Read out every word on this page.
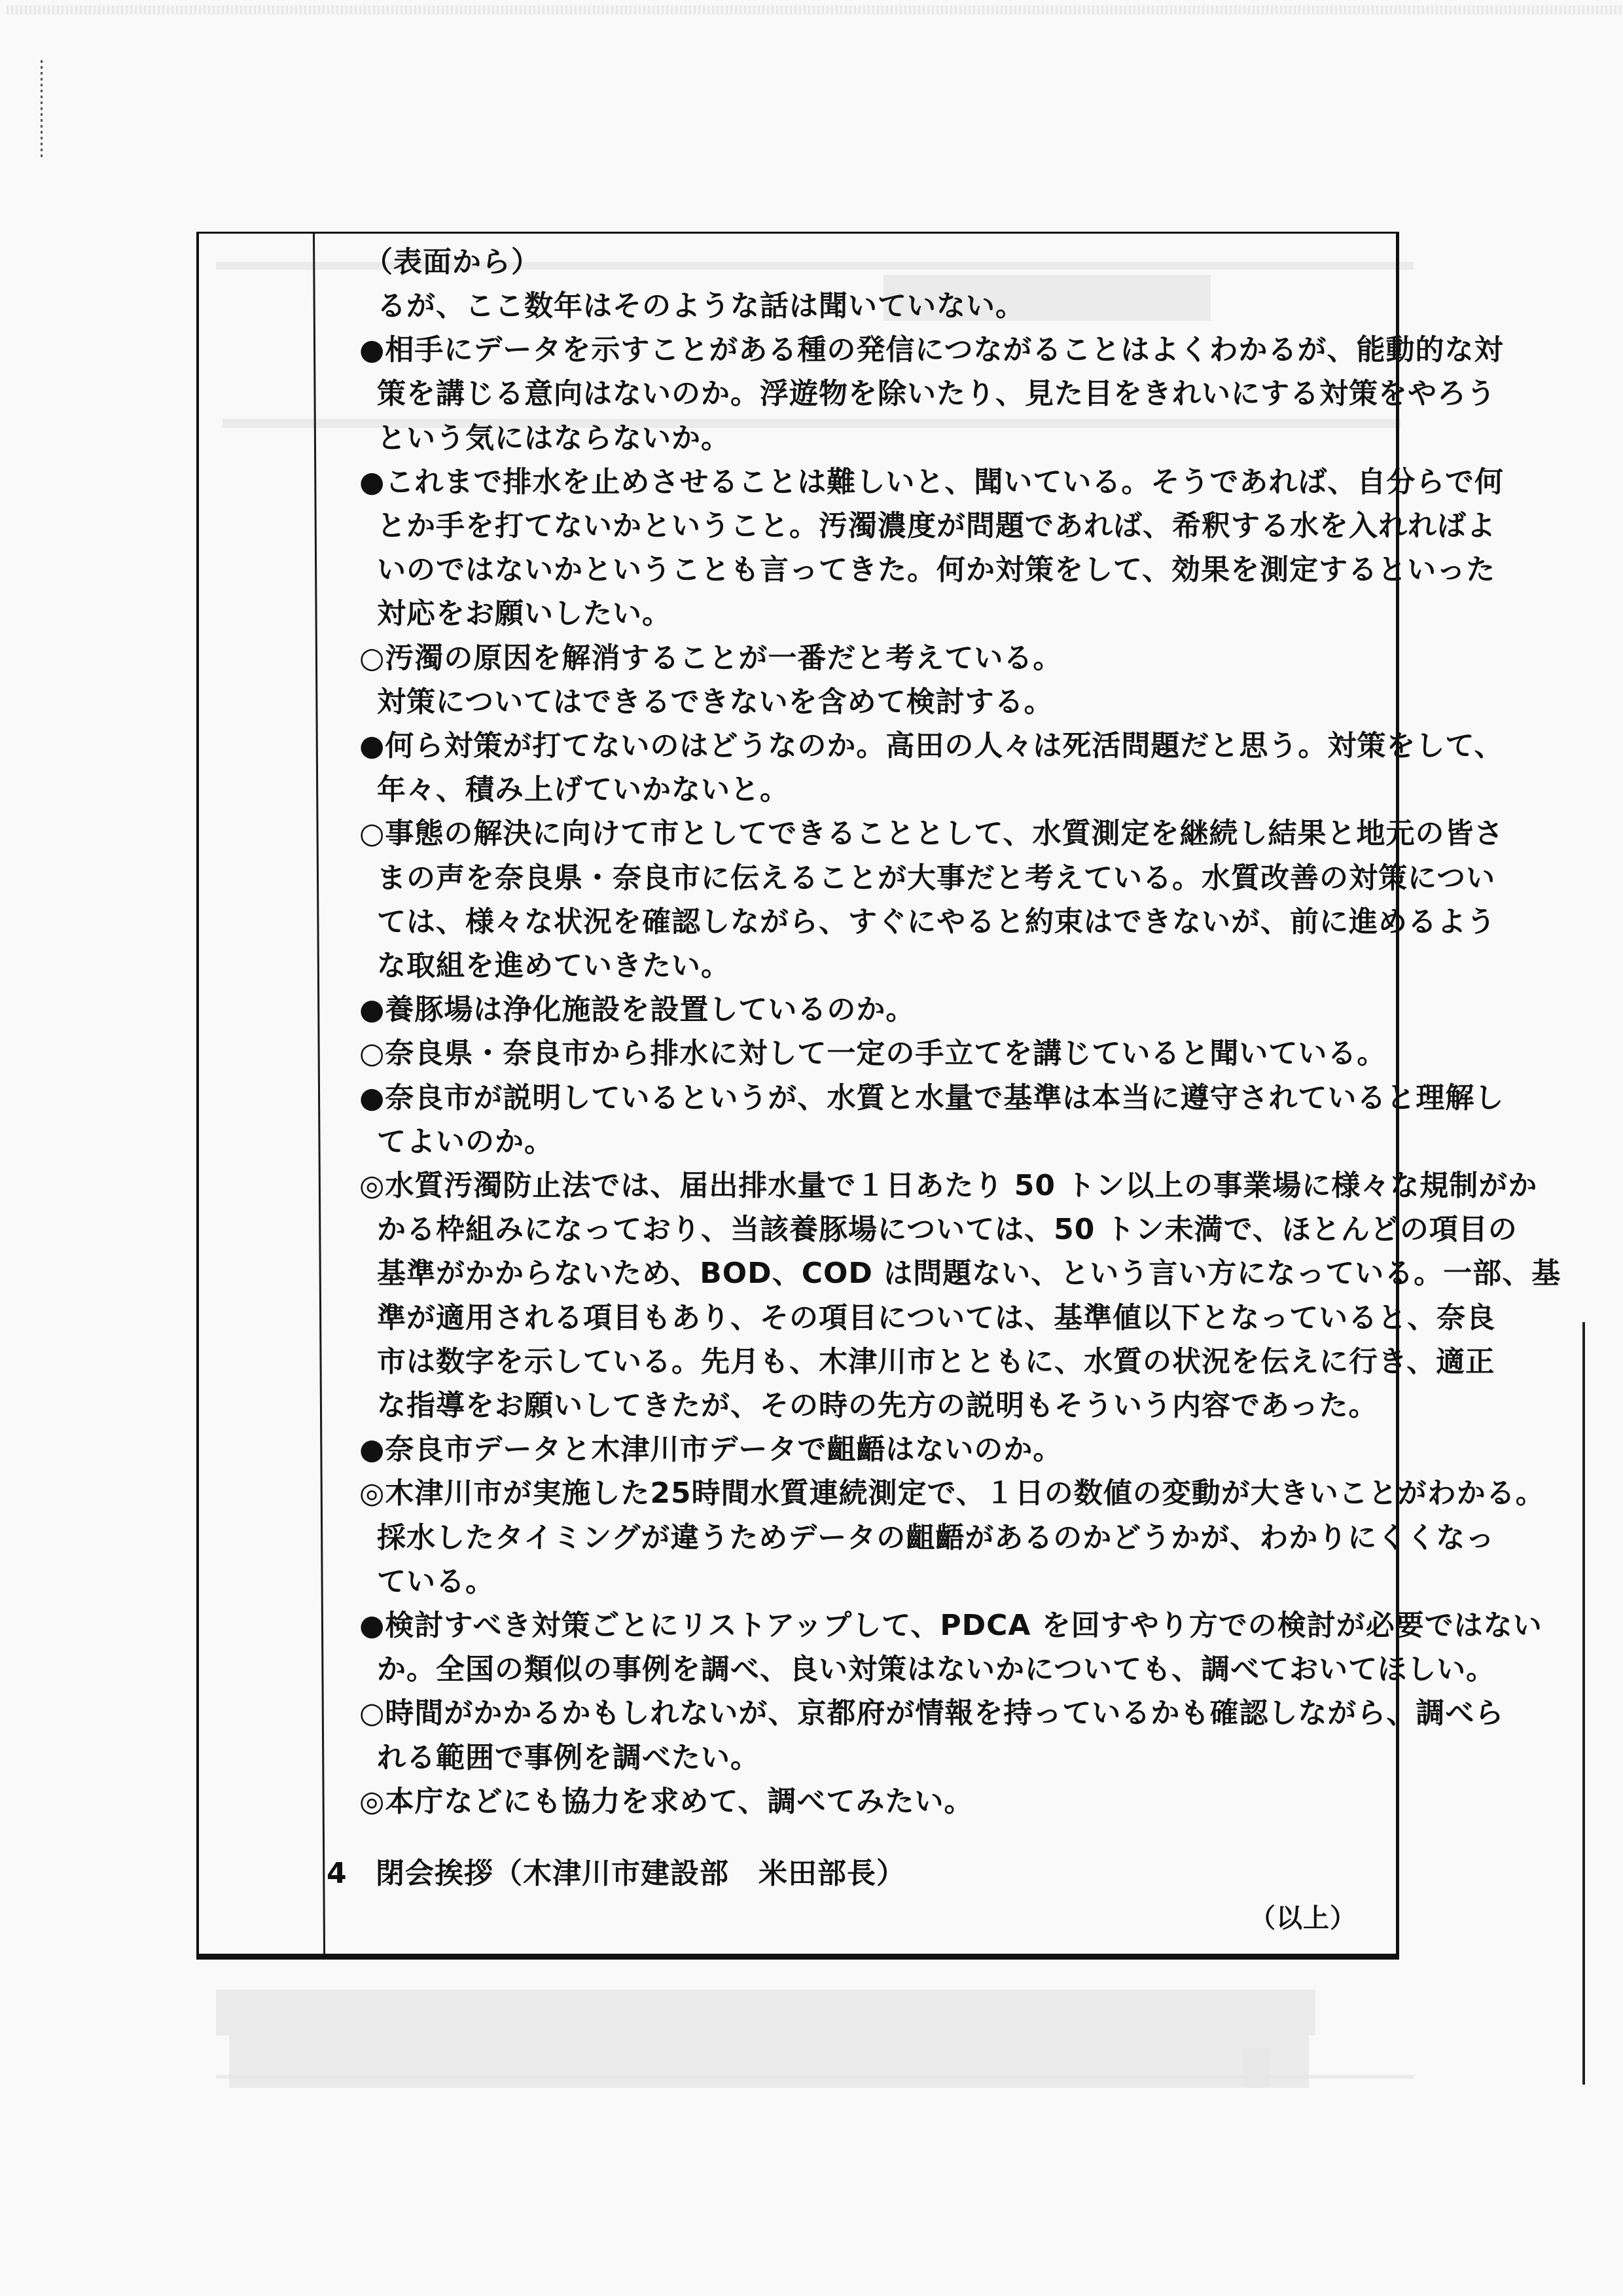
（表面から）
4 閉会挨拶（木津川市建設部　米田部長）
（以上）
るが、ここ数年はそのような話は聞いていない。
●相手にデータを示すことがある種の発信につながることはよくわかるが、能動的な対
策を講じる意向はないのか。浮遊物を除いたり、見た目をきれいにする対策をやろう
という気にはならないか。
●これまで排水を止めさせることは難しいと、聞いている。そうであれば、自分らで何
とか手を打てないかということ。汚濁濃度が問題であれば、希釈する水を入れればよ
いのではないかということも言ってきた。何か対策をして、効果を測定するといった
対応をお願いしたい。
○汚濁の原因を解消することが一番だと考えている。
対策についてはできるできないを含めて検討する。
●何ら対策が打てないのはどうなのか。高田の人々は死活問題だと思う。対策をして、
年々、積み上げていかないと。
○事態の解決に向けて市としてできることとして、水質測定を継続し結果と地元の皆さ
まの声を奈良県・奈良市に伝えることが大事だと考えている。水質改善の対策につい
ては、様々な状況を確認しながら、すぐにやると約束はできないが、前に進めるよう
な取組を進めていきたい。
●養豚場は浄化施設を設置しているのか。
○奈良県・奈良市から排水に対して一定の手立てを講じていると聞いている。
●奈良市が説明しているというが、水質と水量で基準は本当に遵守されていると理解し
てよいのか。
◎水質汚濁防止法では、届出排水量で１日あたり 50 トン以上の事業場に様々な規制がか
かる枠組みになっており、当該養豚場については、50 トン未満で、ほとんどの項目の
基準がかからないため、BOD、COD は問題ない、という言い方になっている。一部、基
準が適用される項目もあり、その項目については、基準値以下となっていると、奈良
市は数字を示している。先月も、木津川市とともに、水質の状況を伝えに行き、適正
な指導をお願いしてきたが、その時の先方の説明もそういう内容であった。
●奈良市データと木津川市データで齟齬はないのか。
◎木津川市が実施した25時間水質連続測定で、１日の数値の変動が大きいことがわかる。
採水したタイミングが違うためデータの齟齬があるのかどうかが、わかりにくくなっ
ている。
●検討すべき対策ごとにリストアップして、PDCA を回すやり方での検討が必要ではない
か。全国の類似の事例を調べ、良い対策はないかについても、調べておいてほしい。
○時間がかかるかもしれないが、京都府が情報を持っているかも確認しながら、調べら
れる範囲で事例を調べたい。
◎本庁などにも協力を求めて、調べてみたい。
